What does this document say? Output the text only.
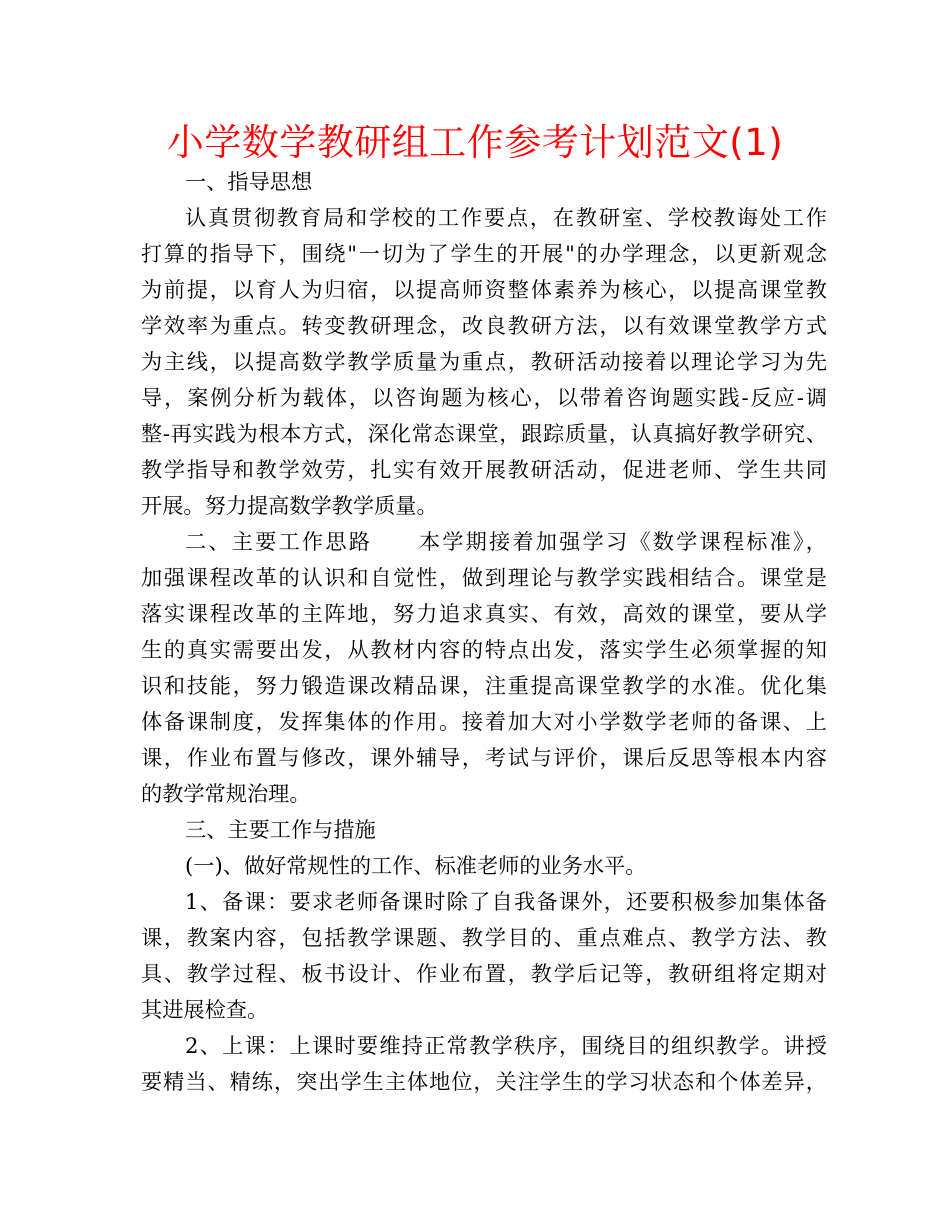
小学数学教研组工作参考计划范文(1)
一、指导思想
认真贯彻教育局和学校的工作要点，在教研室、学校教诲处工作
打算的指导下，围绕"一切为了学生的开展"的办学理念，以更新观念
为前提，以育人为归宿，以提高师资整体素养为核心，以提高课堂教
学效率为重点。转变教研理念，改良教研方法，以有效课堂教学方式
为主线，以提高数学教学质量为重点，教研活动接着以理论学习为先
导，案例分析为载体，以咨询题为核心，以带着咨询题实践-反应-调
整-再实践为根本方式，深化常态课堂，跟踪质量，认真搞好教学研究、
教学指导和教学效劳，扎实有效开展教研活动，促进老师、学生共同
开展。努力提高数学教学质量。
二、主要工作思路　　本学期接着加强学习《数学课程标准》，
加强课程改革的认识和自觉性，做到理论与教学实践相结合。课堂是
落实课程改革的主阵地，努力追求真实、有效，高效的课堂，要从学
生的真实需要出发，从教材内容的特点出发，落实学生必须掌握的知
识和技能，努力锻造课改精品课，注重提高课堂教学的水准。优化集
体备课制度，发挥集体的作用。接着加大对小学数学老师的备课、上
课，作业布置与修改，课外辅导，考试与评价，课后反思等根本内容
的教学常规治理。
三、主要工作与措施
(一)、做好常规性的工作、标准老师的业务水平。
1、备课：要求老师备课时除了自我备课外，还要积极参加集体备
课，教案内容，包括教学课题、教学目的、重点难点、教学方法、教
具、教学过程、板书设计、作业布置，教学后记等，教研组将定期对
其进展检查。
2、上课：上课时要维持正常教学秩序，围绕目的组织教学。讲授
要精当、精练，突出学生主体地位，关注学生的学习状态和个体差异，
